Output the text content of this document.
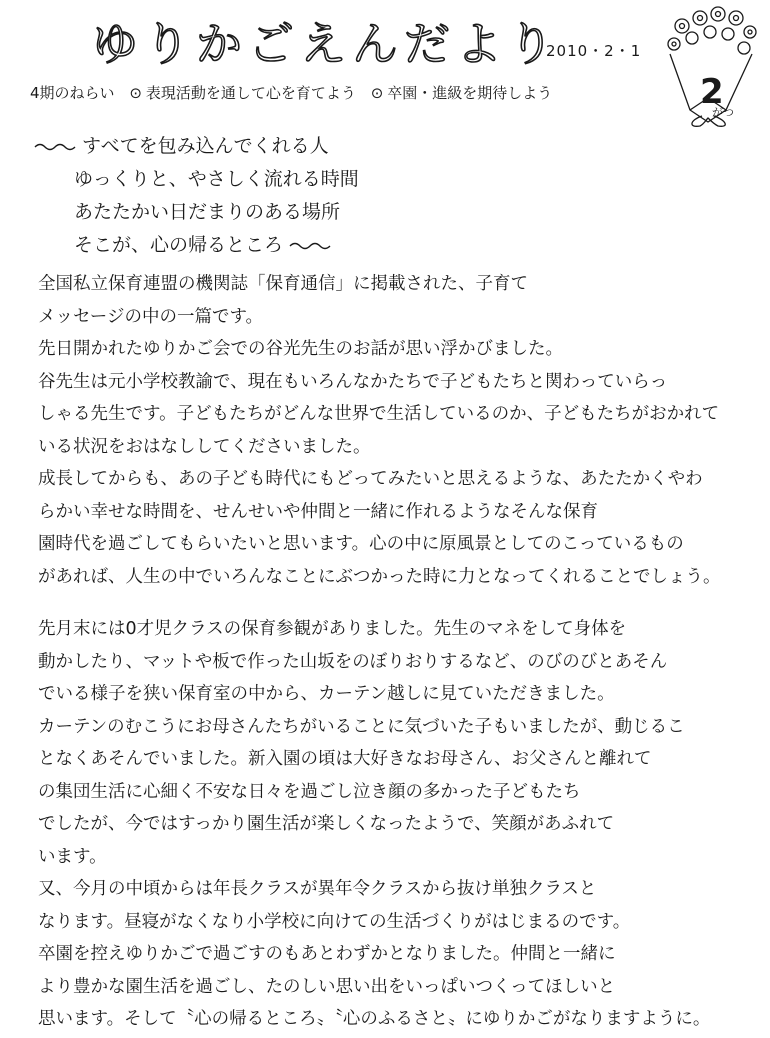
ゆりかごえんだより
2010・2・1
2
がつ
4期のねらい ⊙ 表現活動を通して心を育てよう ⊙ 卒園・進級を期待しよう
すべてを包み込んでくれる人
ゆっくりと、やさしく流れる時間
あたたかい日だまりのある場所
そこが、心の帰るところ
全国私立保育連盟の機関誌「保育通信」に掲載された、子育て
メッセージの中の一篇です。
先日開かれたゆりかご会での谷光先生のお話が思い浮かびました。
谷先生は元小学校教諭で、現在もいろんなかたちで子どもたちと関わっていらっ
しゃる先生です。子どもたちがどんな世界で生活しているのか、子どもたちがおかれて
いる状況をおはなししてくださいました。
成長してからも、あの子ども時代にもどってみたいと思えるような、あたたかくやわ
らかい幸せな時間を、せんせいや仲間と一緒に作れるようなそんな保育
園時代を過ごしてもらいたいと思います。心の中に原風景としてのこっているもの
があれば、人生の中でいろんなことにぶつかった時に力となってくれることでしょう。
先月末には0才児クラスの保育参観がありました。先生のマネをして身体を
動かしたり、マットや板で作った山坂をのぼりおりするなど、のびのびとあそん
でいる様子を狭い保育室の中から、カーテン越しに見ていただきました。
カーテンのむこうにお母さんたちがいることに気づいた子もいましたが、動じるこ
となくあそんでいました。新入園の頃は大好きなお母さん、お父さんと離れて
の集団生活に心細く不安な日々を過ごし泣き顔の多かった子どもたち
でしたが、今ではすっかり園生活が楽しくなったようで、笑顔があふれて
います。
又、今月の中頃からは年長クラスが異年令クラスから抜け単独クラスと
なります。昼寝がなくなり小学校に向けての生活づくりがはじまるのです。
卒園を控えゆりかごで過ごすのもあとわずかとなりました。仲間と一緒に
より豊かな園生活を過ごし、たのしい思い出をいっぱいつくってほしいと
思います。そして〝心の帰るところ〟〝心のふるさと〟にゆりかごがなりますように。
